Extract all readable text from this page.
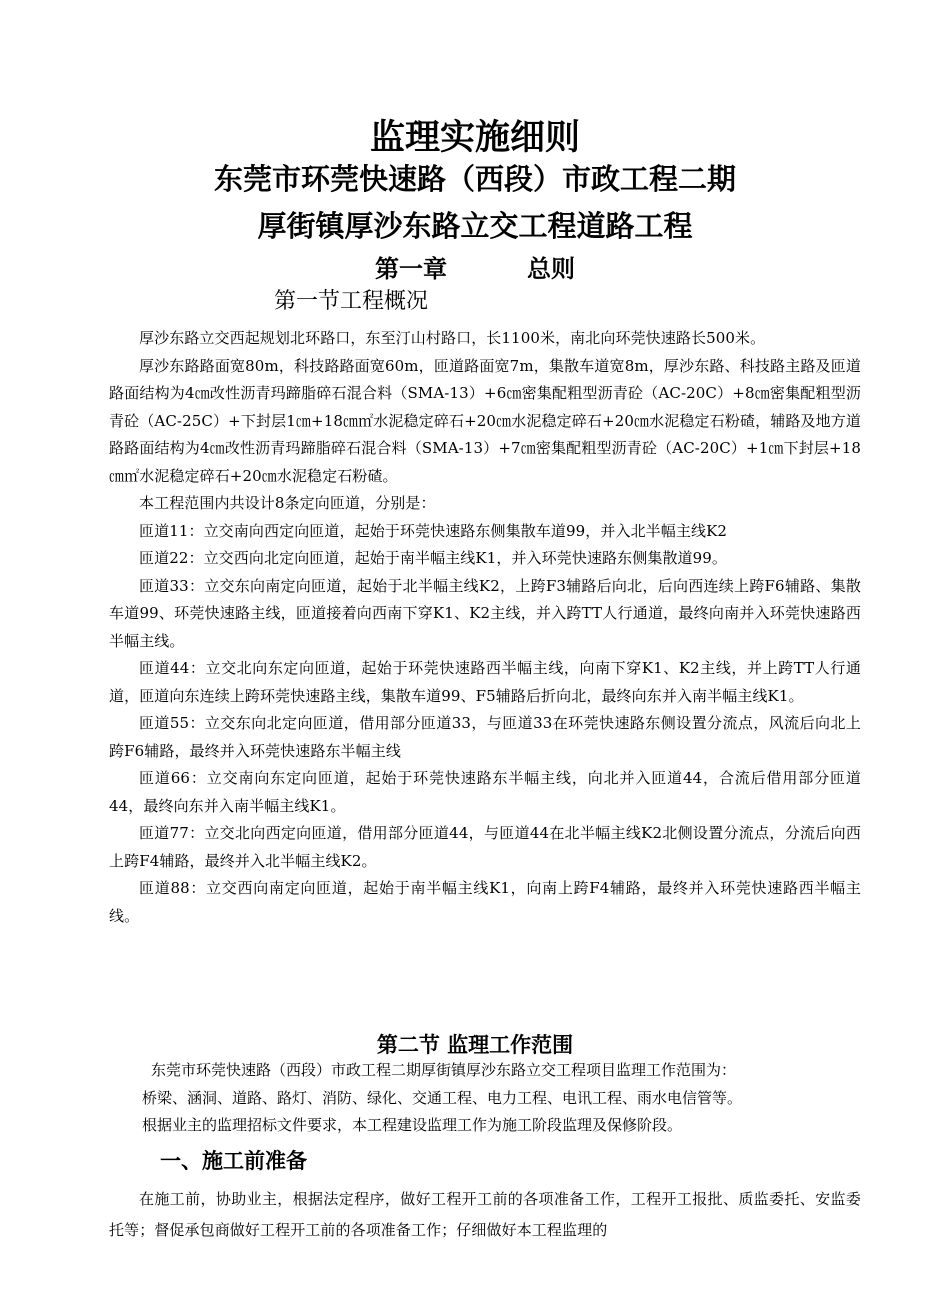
监理实施细则
东莞市环莞快速路（西段）市政工程二期
厚街镇厚沙东路立交工程道路工程
第一章	总则
第一节工程概况

厚沙东路立交西起规划北环路口，东至汀山村路口，长1100米，南北向环莞快速路长500米。

厚沙东路路面宽80m，科技路路面宽60m，匝道路面宽7m，集散车道宽8m，厚沙东路、科技路主路及匝道路面结构为4㎝改性沥青玛蹄脂碎石混合料（SMA-13）+6㎝密集配粗型沥青砼（AC-20C）+8㎝密集配粗型沥青砼（AC-25C）+下封层1㎝+18㎝㎡水泥稳定碎石+20㎝水泥稳定碎石+20㎝水泥稳定石粉碴，辅路及地方道路路面结构为4㎝改性沥青玛蹄脂碎石混合料（SMA-13）+7㎝密集配粗型沥青砼（AC-20C）+1㎝下封层+18㎝㎡水泥稳定碎石+20㎝水泥稳定石粉碴。

本工程范围内共设计8条定向匝道，分别是：

匝道11：立交南向西定向匝道，起始于环莞快速路东侧集散车道99，并入北半幅主线K2

匝道22：立交西向北定向匝道，起始于南半幅主线K1，并入环莞快速路东侧集散道99。

匝道33：立交东向南定向匝道，起始于北半幅主线K2，上跨F3辅路后向北，后向西连续上跨F6辅路、集散车道99、环莞快速路主线，匝道接着向西南下穿K1、K2主线，并入跨TT人行通道，最终向南并入环莞快速路西半幅主线。

匝道44：立交北向东定向匝道，起始于环莞快速路西半幅主线，向南下穿K1、K2主线，并上跨TT人行通道，匝道向东连续上跨环莞快速路主线，集散车道99、F5辅路后折向北，最终向东并入南半幅主线K1。

匝道55：立交东向北定向匝道，借用部分匝道33，与匝道33在环莞快速路东侧设置分流点，风流后向北上跨F6辅路，最终并入环莞快速路东半幅主线

匝道66：立交南向东定向匝道，起始于环莞快速路东半幅主线，向北并入匝道44，合流后借用部分匝道44，最终向东并入南半幅主线K1。

匝道77：立交北向西定向匝道，借用部分匝道44，与匝道44在北半幅主线K2北侧设置分流点，分流后向西上跨F4辅路，最终并入北半幅主线K2。

匝道88：立交西向南定向匝道，起始于南半幅主线K1，向南上跨F4辅路，最终并入环莞快速路西半幅主线。

第二节 监理工作范围

东莞市环莞快速路（西段）市政工程二期厚街镇厚沙东路立交工程项目监理工作范围为：

桥梁、涵洞、道路、路灯、消防、绿化、交通工程、电力工程、电讯工程、雨水电信管等。

根据业主的监理招标文件要求，本工程建设监理工作为施工阶段监理及保修阶段。

一、施工前准备

在施工前，协助业主，根据法定程序，做好工程开工前的各项准备工作，工程开工报批、质监委托、安监委托等；督促承包商做好工程开工前的各项准备工作；仔细做好本工程监理的
